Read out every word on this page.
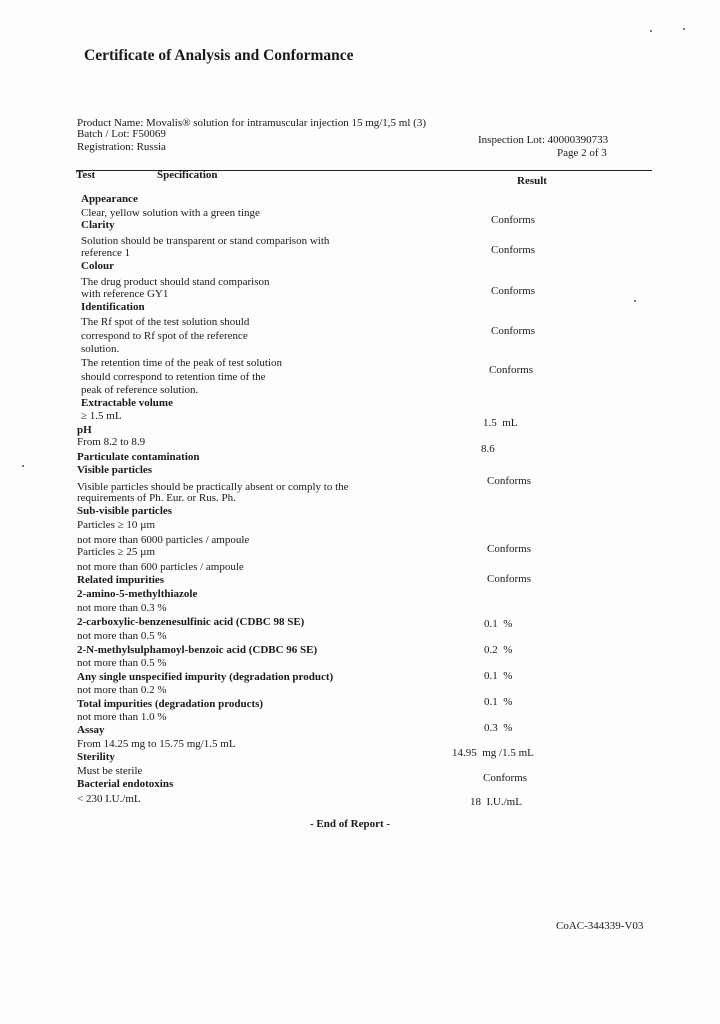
Certificate of Analysis and Conformance
Product Name: Movalis® solution for intramuscular injection 15 mg/1,5 ml (3)
Batch / Lot: F50069
Registration: Russia
Inspection Lot: 40000390733
Page 2 of 3
Test	Specification	Result
Appearance
Clear, yellow solution with a green tinge
Clarity
Solution should be transparent or stand comparison with
reference 1
Colour
The drug product should stand comparison
with reference GY1
Identification
The Rf spot of the test solution should
correspond to Rf spot of the reference
solution.
The retention time of the peak of test solution
should correspond to retention time of the
peak of reference solution.
Extractable volume
≥ 1.5 mL
pH
From 8.2 to 8.9
Particulate contamination
Visible particles
Visible particles should be practically absent or comply to the
requirements of Ph. Eur. or Rus. Ph.
Sub-visible particles
Particles ≥ 10 µm
not more than 6000 particles / ampoule
Particles ≥ 25 µm
not more than 600 particles / ampoule
Related impurities
2-amino-5-methylthiazole
not more than 0.3 %
2-carboxylic-benzenesulfinic acid (CDBC 98 SE)
not more than 0.5 %
2-N-methylsulphamoyl-benzoic acid (CDBC 96 SE)
not more than 0.5 %
Any single unspecified impurity (degradation product)
not more than 0.2 %
Total impurities (degradation products)
not more than 1.0 %
Assay
From 14.25 mg to 15.75 mg/1.5 mL
Sterility
Must be sterile
Bacterial endotoxins
< 230 I.U./mL
Conforms
Conforms
Conforms
Conforms
Conforms
1.5  mL
8.6
Conforms
Conforms
Conforms
0.1  %
0.2  %
0.1  %
0.1  %
0.3  %
14.95  mg /1.5 mL
Conforms
18  I.U./mL
- End of Report -
CoAC-344339-V03
